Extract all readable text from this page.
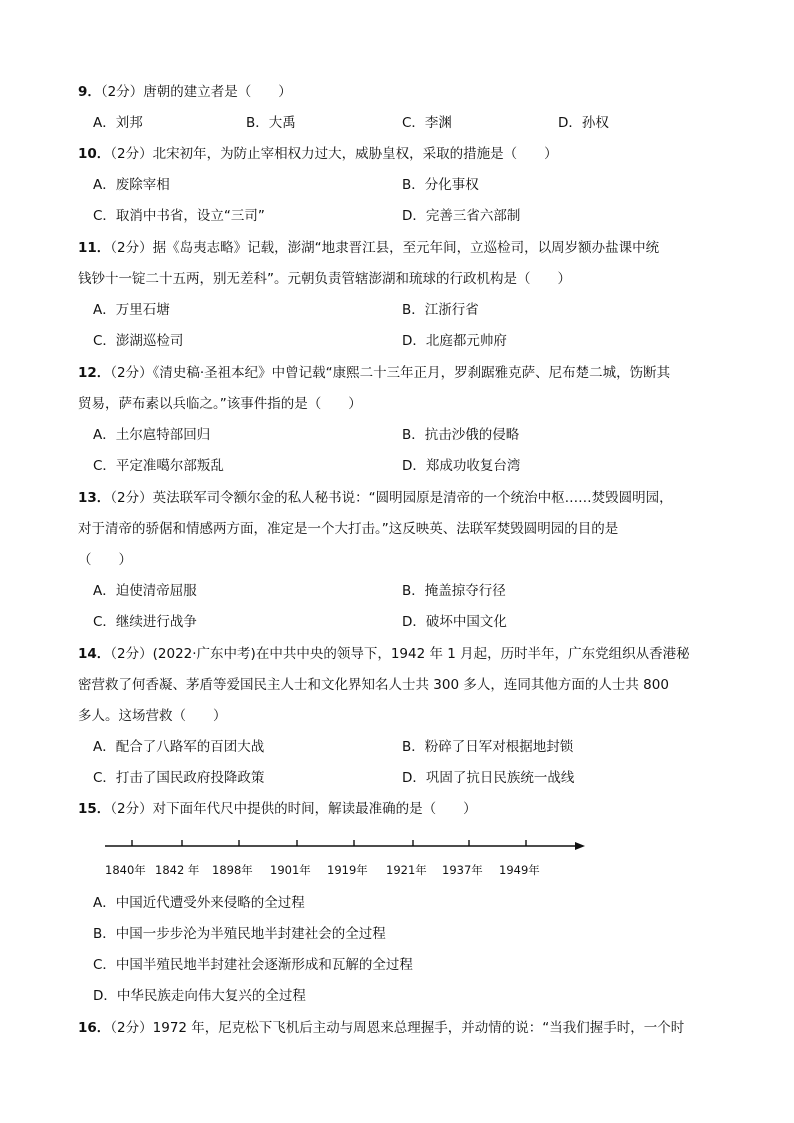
9．（2分）唐朝的建立者是（　　）
A．刘邦	B．大禹	C．李渊	D．孙权
10．（2分）北宋初年，为防止宰相权力过大，威胁皇权，采取的措施是（　　）
A．废除宰相	B．分化事权
C．取消中书省，设立“三司”	D．完善三省六部制
11．（2分）据《岛夷志略》记载，澎湖“地隶晋江县，至元年间，立巡检司，以周岁额办盐课中统
钱钞十一锭二十五两，别无差科”。元朝负责管辖澎湖和琉球的行政机构是（　　）
A．万里石塘	B．江浙行省
C．澎湖巡检司	D．北庭都元帅府
12．（2分）《清史稿·圣祖本纪》中曾记载“康熙二十三年正月，罗刹踞雅克萨、尼布楚二城，饬断其
贸易，萨布素以兵临之。”该事件指的是（　　）
A．土尔扈特部回归	B．抗击沙俄的侵略
C．平定准噶尔部叛乱	D．郑成功收复台湾
13．（2分）英法联军司令额尔金的私人秘书说：“圆明园原是清帝的一个统治中枢……焚毁圆明园，
对于清帝的骄倨和情感两方面，准定是一个大打击。”这反映英、法联军焚毁圆明园的目的是
（　　）
A．迫使清帝屈服	B．掩盖掠夺行径
C．继续进行战争	D．破坏中国文化
14．（2分）(2022·广东中考)在中共中央的领导下，1942 年 1 月起，历时半年，广东党组织从香港秘
密营救了何香凝、茅盾等爱国民主人士和文化界知名人士共 300 多人，连同其他方面的人士共 800
多人。这场营救（　　）
A．配合了八路军的百团大战	B．粉碎了日军对根据地封锁
C．打击了国民政府投降政策	D．巩固了抗日民族统一战线
15．（2分）对下面年代尺中提供的时间，解读最准确的是（　　）
1840年 1842 年 1898年 1901年 1919年 1921年 1937年 1949年
A．中国近代遭受外来侵略的全过程
B．中国一步步沦为半殖民地半封建社会的全过程
C．中国半殖民地半封建社会逐渐形成和瓦解的全过程
D．中华民族走向伟大复兴的全过程
16．（2分）1972 年，尼克松下飞机后主动与周恩来总理握手，并动情的说：“当我们握手时，一个时
